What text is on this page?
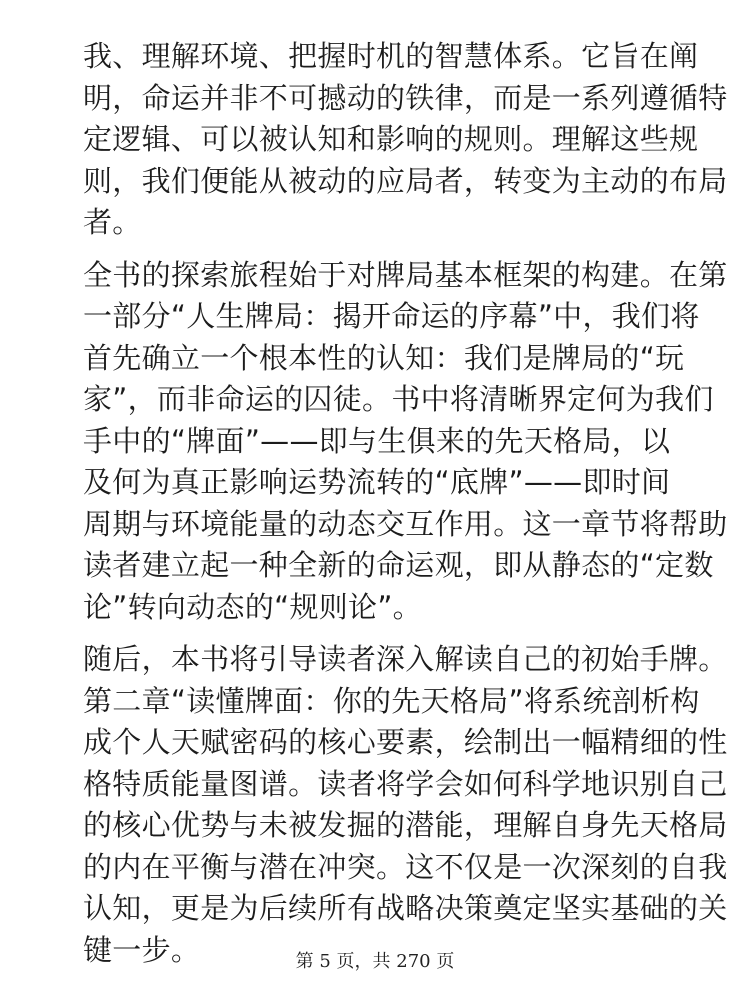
我、理解环境、把握时机的智慧体系。它旨在阐
明，命运并非不可撼动的铁律，而是一系列遵循特
定逻辑、可以被认知和影响的规则。理解这些规
则，我们便能从被动的应局者，转变为主动的布局
者。

全书的探索旅程始于对牌局基本框架的构建。在第
一部分“人生牌局：揭开命运的序幕”中，我们将
首先确立一个根本性的认知：我们是牌局的“玩
家”，而非命运的囚徒。书中将清晰界定何为我们
手中的“牌面”——即与生俱来的先天格局，以
及何为真正影响运势流转的“底牌”——即时间
周期与环境能量的动态交互作用。这一章节将帮助
读者建立起一种全新的命运观，即从静态的“定数
论”转向动态的“规则论”。

随后，本书将引导读者深入解读自己的初始手牌。
第二章“读懂牌面：你的先天格局”将系统剖析构
成个人天赋密码的核心要素，绘制出一幅精细的性
格特质能量图谱。读者将学会如何科学地识别自己
的核心优势与未被发掘的潜能，理解自身先天格局
的内在平衡与潜在冲突。这不仅是一次深刻的自我
认知，更是为后续所有战略决策奠定坚实基础的关
键一步。	第 5 页，共 270 页
